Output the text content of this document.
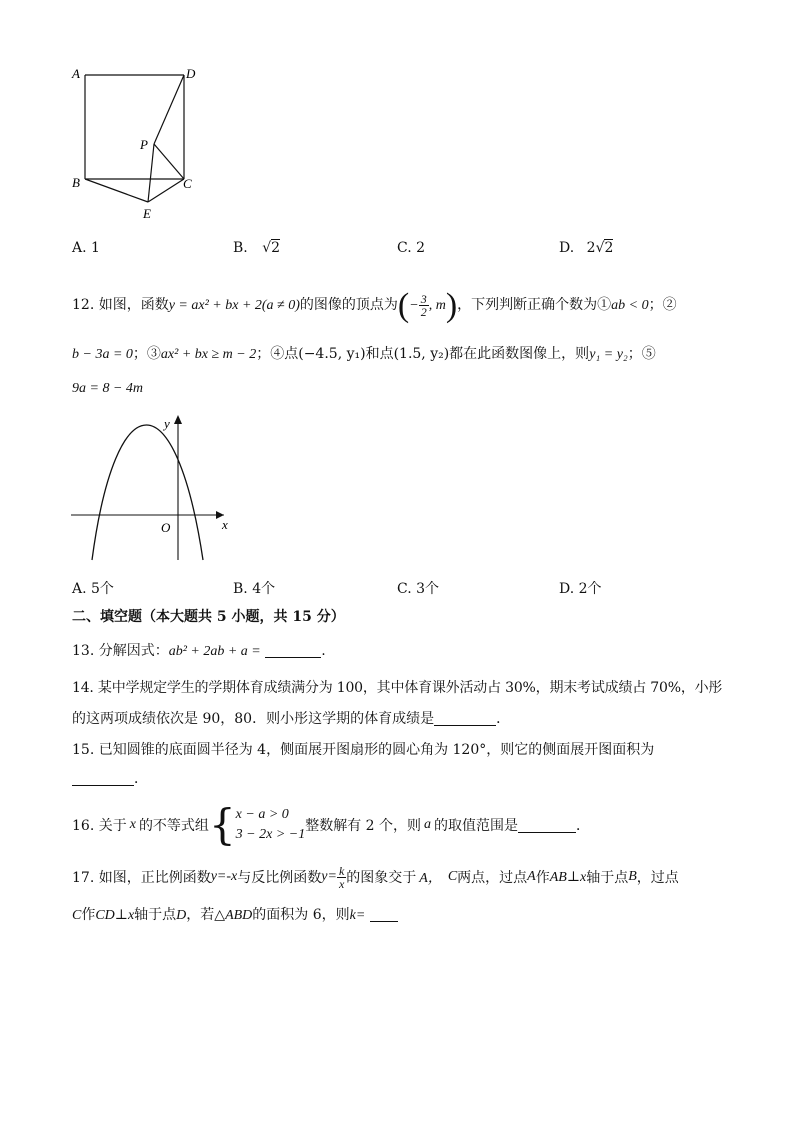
A	D
P
B	C
E
A. 1	B. √2	C. 2	D. 2√2
12. 如图，函数y = ax² + bx + 2(a ≠ 0)的图像的顶点为(− $\frac{3}{2}$ , m)，下列判断正确个数为①ab < 0；②
b − 3a = 0；③ax² + bx ≥ m − 2；④点(−4.5, y₁)和点(1.5, y₂)都在此函数图像上，则y₁ = y₂；⑤
9a = 8 − 4m
y
x
O
A. 5个	B. 4个	C. 3个	D. 2个
二、填空题（本大题共 5 小题，共 15 分）
13. 分解因式：ab² + 2ab + a =	.
14. 某中学规定学生的学期体育成绩满分为 100，其中体育课外活动占 30%，期末考试成绩占 70%，小彤
的这两项成绩依次是 90，80．则小彤这学期的体育成绩是	．
15. 已知圆锥的底面圆半径为 4，侧面展开图扇形的圆心角为 120°，则它的侧面展开图面积为
．
16. 关于 x 的不等式组 { x − a > 0
3 − 2x > −1
整数解有 2 个，则 a 的取值范围是	．
17. 如图，正比例函数 y=-x 与反比例函数 $y= \frac{k}{x}$ 的图象交于 A， C 两点，过点 A 作 AB⊥x 轴于点 B ，过点
C作CD⊥x轴于点D，若△ABD的面积为 6，则k=
